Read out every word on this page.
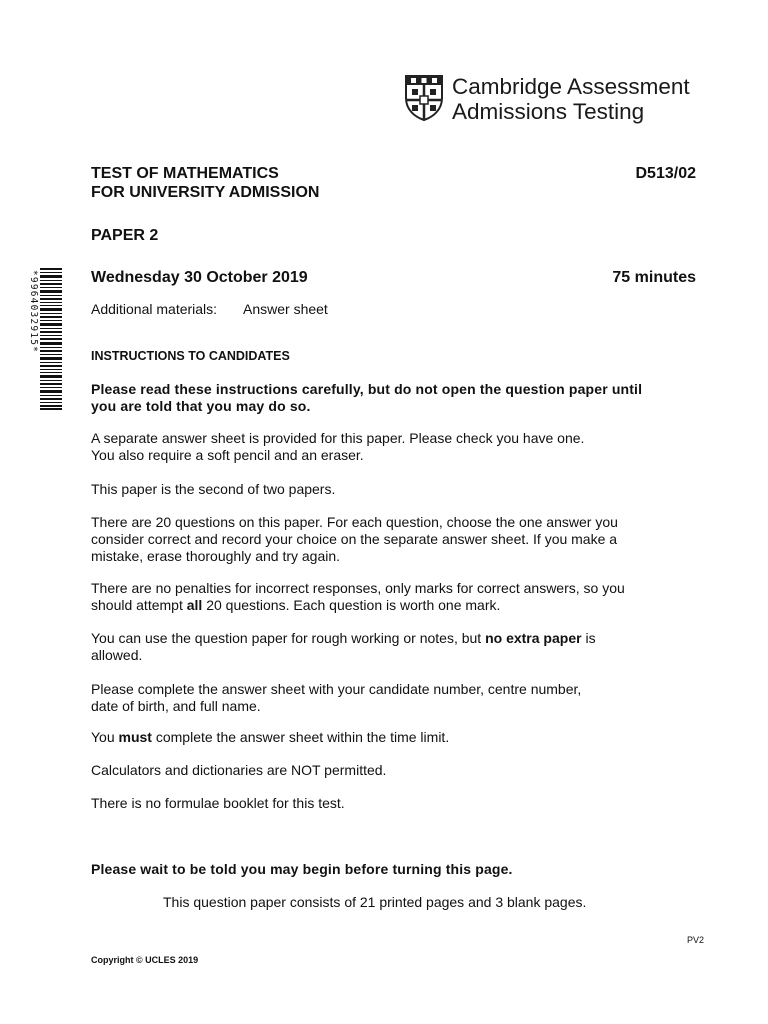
Cambridge Assessment
Admissions Testing
TEST OF MATHEMATICS
FOR UNIVERSITY ADMISSION
D513/02
PAPER 2
Wednesday 30 October 2019	75 minutes
Additional materials: Answer sheet
*9964032915*
INSTRUCTIONS TO CANDIDATES
Please read these instructions carefully, but do not open the question paper until
you are told that you may do so.
A separate answer sheet is provided for this paper. Please check you have one.
You also require a soft pencil and an eraser.
This paper is the second of two papers.
There are 20 questions on this paper. For each question, choose the one answer you
consider correct and record your choice on the separate answer sheet. If you make a
mistake, erase thoroughly and try again.
There are no penalties for incorrect responses, only marks for correct answers, so you
should attempt all 20 questions. Each question is worth one mark.
You can use the question paper for rough working or notes, but no extra paper is
allowed.
Please complete the answer sheet with your candidate number, centre number,
date of birth, and full name.
You must complete the answer sheet within the time limit.
Calculators and dictionaries are NOT permitted.
There is no formulae booklet for this test.
Please wait to be told you may begin before turning this page.
This question paper consists of 21 printed pages and 3 blank pages.
PV2
Copyright © UCLES 2019
